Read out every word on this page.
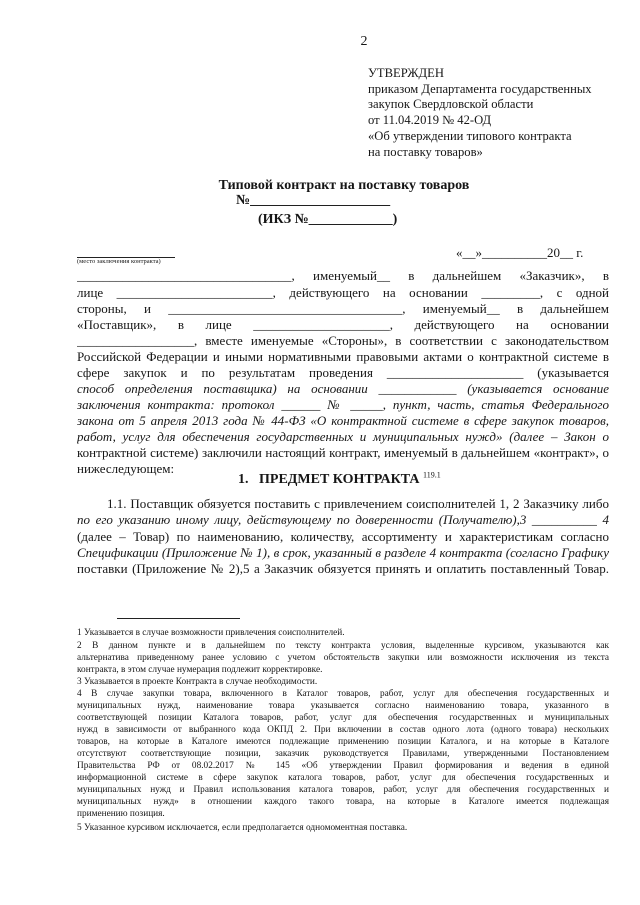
2
УТВЕРЖДЕН
приказом Департамента государственных
закупок Свердловской области
от 11.04.2019 № 42-ОД
«Об утверждении типового контракта
на поставку товаров»
Типовой контракт на поставку товаров
№____________________
(ИКЗ №____________)
(место заключения контракта)
«__»__________20__ г.
_________________________________, именуемый__ в дальнейшем «Заказчик», в
лице ________________________, действующего на основании _________, с одной
стороны, и ____________________________________, именуемый__ в дальнейшем
«Поставщик», в лице _____________________, действующего на основании
__________________, вместе именуемые «Стороны», в соответствии с законодательством
Российской Федерации и иными нормативными правовыми актами о контрактной системе в
сфере закупок и по результатам проведения _____________________ (указывается
способ определения поставщика) на основании ____________ (указывается основание
заключения контракта: протокол ______ № _____, пункт, часть, статья Федерального
закона от 5 апреля 2013 года № 44-ФЗ «О контрактной системе в сфере закупок товаров,
работ, услуг для обеспечения государственных и муниципальных нужд» (далее – Закон о
контрактной системе) заключили настоящий контракт, именуемый в дальнейшем «контракт», о
нижеследующем:
1. ПРЕДМЕТ КОНТРАКТА $^{119.1}$
1.1. Поставщик обязуется поставить с привлечением соисполнителей 1, 2 Заказчику либо
по его указанию иному лицу, действующему по доверенности (Получателю),3 __________ 4
(далее – Товар) по наименованию, количеству, ассортименту и характеристикам согласно
Спецификации (Приложение № 1), в срок, указанный в разделе 4 контракта (согласно Графику
поставки (Приложение № 2),5 а Заказчик обязуется принять и оплатить поставленный Товар.
1 Указывается в случае возможности привлечения соисполнителей.
2 В данном пункте и в дальнейшем по тексту контракта условия, выделенные курсивом, указываются как
альтернатива приведенному ранее условию с учетом обстоятельств закупки или возможности исключения из текста
контракта, в этом случае нумерация подлежит корректировке.
3 Указывается в проекте Контракта в случае необходимости.
4 В случае закупки товара, включенного в Каталог товаров, работ, услуг для обеспечения государственных и
муниципальных нужд, наименование товара указывается согласно наименованию товара, указанного в
соответствующей позиции Каталога товаров, работ, услуг для обеспечения государственных и муниципальных
нужд в зависимости от выбранного кода ОКПД 2. При включении в состав одного лота (одного товара) нескольких
товаров, на которые в Каталоге имеются подлежащие применению позиции Каталога, и на которые в Каталоге
отсутствуют соответствующие позиции, заказчик руководствуется Правилами, утвержденными Постановлением
Правительства РФ от 08.02.2017 № 145 «Об утверждении Правил формирования и ведения в единой
информационной системе в сфере закупок каталога товаров, работ, услуг для обеспечения государственных и
муниципальных нужд и Правил использования каталога товаров, работ, услуг для обеспечения государственных и
муниципальных нужд» в отношении каждого такого товара, на которые в Каталоге имеется подлежащая
применению позиция.
5 Указанное курсивом исключается, если предполагается одномоментная поставка.
